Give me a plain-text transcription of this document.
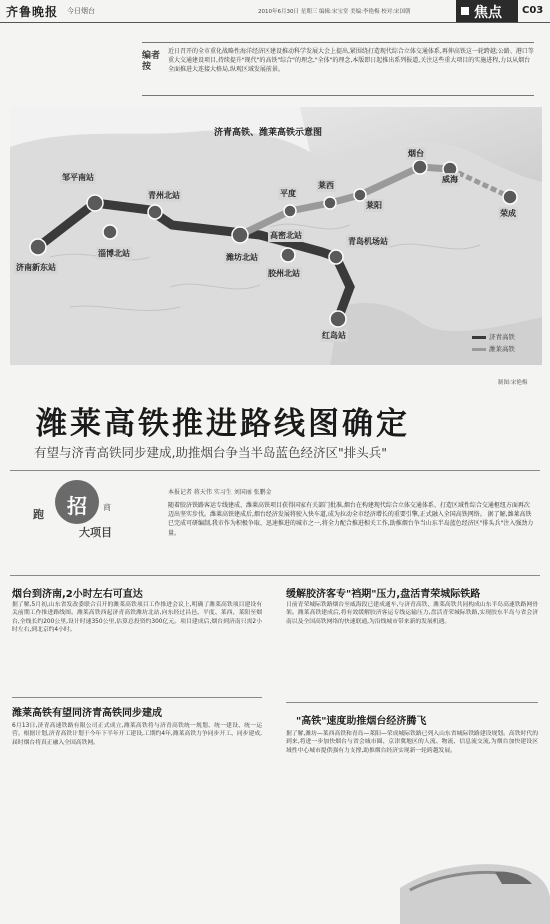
齐鲁晚报 今日烟台	2010年6月30日 星期三 编辑:宋宝堂 美编:李艳梅 校对:宋国朝	焦点 C03
编者按
近日召开的全市重化战略性海洋经济区建设推动科学发展大会上提出,紧围绕打造现代综合立体交通体系,再伸高铁这一轮跨越;公路、港口等重大交通建设项目,持续提升"现代"的高铁"综合"的理念,"全体"的理念,本版即日起推出系列报道,关注这些重大项目的实施进程,力以从烟台全面推进大连接大格局,纵观区域发展前景。
济青高铁、潍莱高铁示意图
济南新东站
邹平南站
淄博北站
青州北站
潍坊北站
高密北站
胶州北站
青岛机场站
红岛站
平度
莱西
莱阳
烟台
威海
荣成
济青高铁
潍莱高铁
制图:宋艳梅
潍莱高铁推进路线图确定
有望与济青高铁同步建成,助推烟台争当半岛蓝色经济区"排头兵"
招 商
跑
大项目
本报记者 蒋天伟 实习生 刘国丽 张鹏金
随着胶济铁路客运专线建成、潍莱高铁项目获得国家有关部门批准,烟台在构建现代综合立体交通体系、打造区域性综合交通枢纽方面再次迈出坚实步伐。潍莱高铁建成后,烟台经济发展将驶入快车道,成为拉动全市经济增长的重要引擎,正式融入全国高铁网络。 据了解,潍莱高铁已完成可研编制,我市作为积极争取、迅速推进的城市之一,将全力配合推进相关工作,助推烟台争当山东半岛蓝色经济区"排头兵"注入强劲力量。
烟台到济南,2小时左右可直达
据了解,5月初,山东省发改委联合召开的潍莱高铁项目工作推进会议上,明确了潍莱高铁项目建设有关前期工作推进路线图。潍莱高铁西起济青高铁潍坊北站,向东经过昌邑、平度、莱西、莱阳至烟台,全线长约200公里,设计时速350公里,估算总投资约300亿元。项目建成后,烟台到济南只需2小时左右,到北京约4小时。
缓解胶济客专"裆期"压力,盘活青荣城际铁路
日前青荣城际铁路烟台至威海段已建成通车,与济青高铁、潍莱高铁共同构成山东半岛高速铁路网骨架。潍莱高铁建成后,将有效缓解胶济客运专线运输压力,盘活青荣城际铁路,实现胶东半岛与省会济南以及全国高铁网络的快速联通,为沿线城市带来新的发展机遇。
潍莱高铁有望同济青高铁同步建成
6月13日,济青高速铁路有限公司正式成立,潍莱高铁将与济青高铁统一规划、统一建设、统一运营。根据计划,济青高铁计划于今年下半年开工建设,工期约4年,潍莱高铁力争同步开工、同步建成,届时烟台将真正融入全国高铁网。
"高铁"速度助推烟台经济腾飞
据了解,潍坊—莱西高铁和青岛—莱阳—荣成城际铁路已列入山东省城际铁路建设规划。高铁时代的到来,将进一步加快烟台与省会城市圈、京津冀地区的人流、物流、信息流交流,为烟台加快建设区域性中心城市提供强有力支撑,助推烟台经济实现新一轮跨越发展。
